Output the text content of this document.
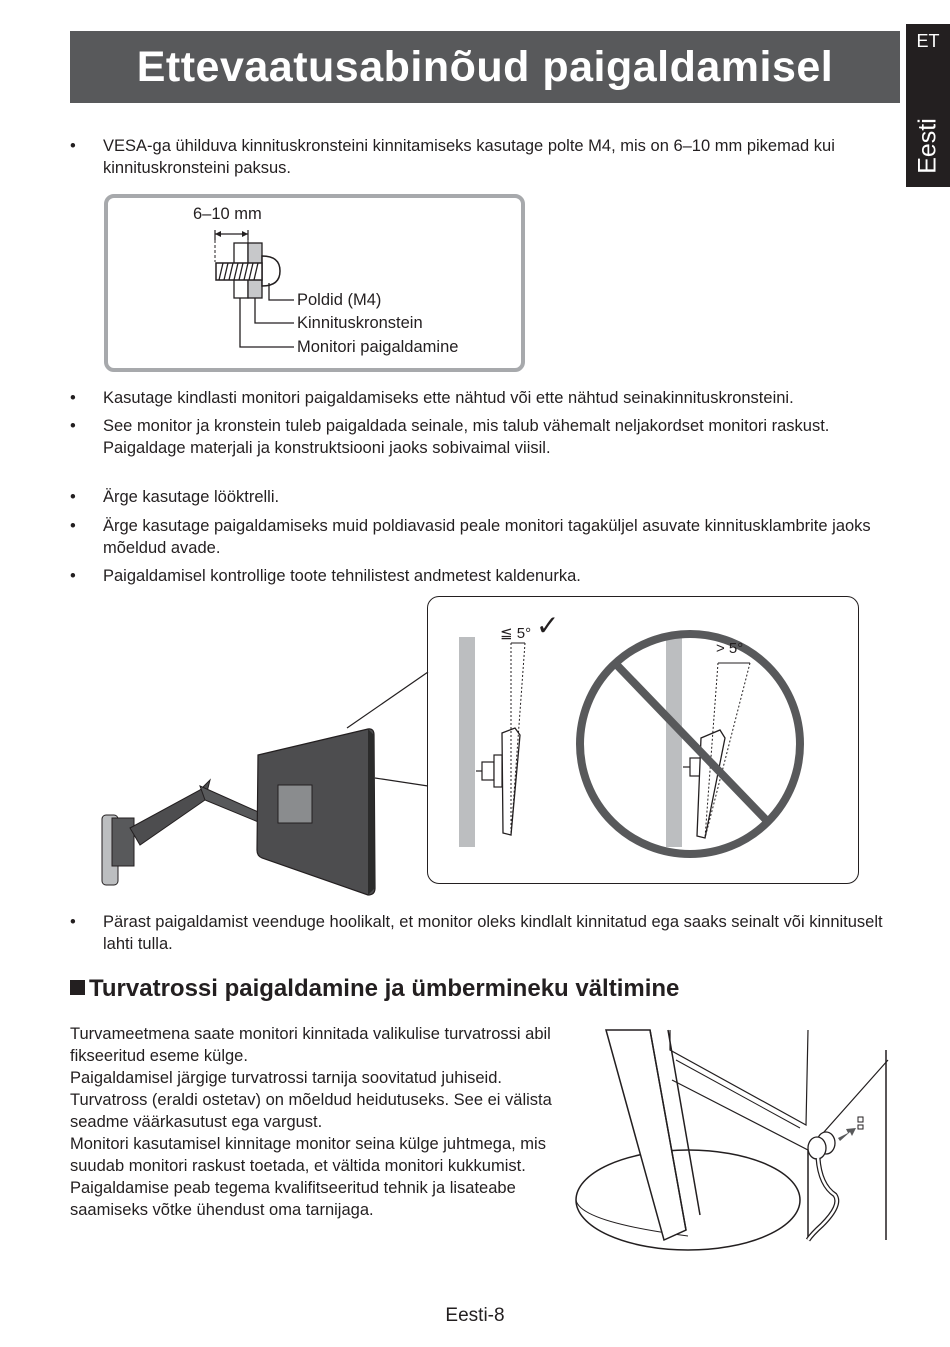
Ettevaatusabinõud paigaldamisel
ET
Eesti
• VESA-ga ühilduva kinnituskronsteini kinnitamiseks kasutage polte M4, mis on 6–10 mm pikemad kui kinnituskronsteini paksus.
6–10 mm
Poldid (M4)
Kinnituskronstein
Monitori paigaldamine
• Kasutage kindlasti monitori paigaldamiseks ette nähtud või ette nähtud seinakinnituskronsteini.
• See monitor ja kronstein tuleb paigaldada seinale, mis talub vähemalt neljakordset monitori raskust.

Paigaldage materjali ja konstruktsiooni jaoks sobivaimal viisil.

• Ärge kasutage lööktrelli.
• Ärge kasutage paigaldamiseks muid poldiavasid peale monitori tagaküljel asuvate kinnitusklambrite jaoks mõeldud avade.
• Paigaldamisel kontrollige toote tehnilistest andmetest kaldenurka.
≦ 5° ✓
> 5°
• Pärast paigaldamist veenduge hoolikalt, et monitor oleks kindlalt kinnitatud ega saaks seinalt või kinnituselt lahti tulla.
Turvatrossi paigaldamine ja ümbermineku vältimine

Turvameetmena saate monitori kinnitada valikulise turvatrossi abil fikseeritud eseme külge.

Paigaldamisel järgige turvatrossi tarnija soovitatud juhiseid. Turvatross (eraldi ostetav) on mõeldud heidutuseks. See ei välista seadme väärkasutust ega vargust.

Monitori kasutamisel kinnitage monitor seina külge juhtmega, mis suudab monitori raskust toetada, et vältida monitori kukkumist. Paigaldamise peab tegema kvalifitseeritud tehnik ja lisateabe saamiseks võtke ühendust oma tarnijaga.

Eesti-8
